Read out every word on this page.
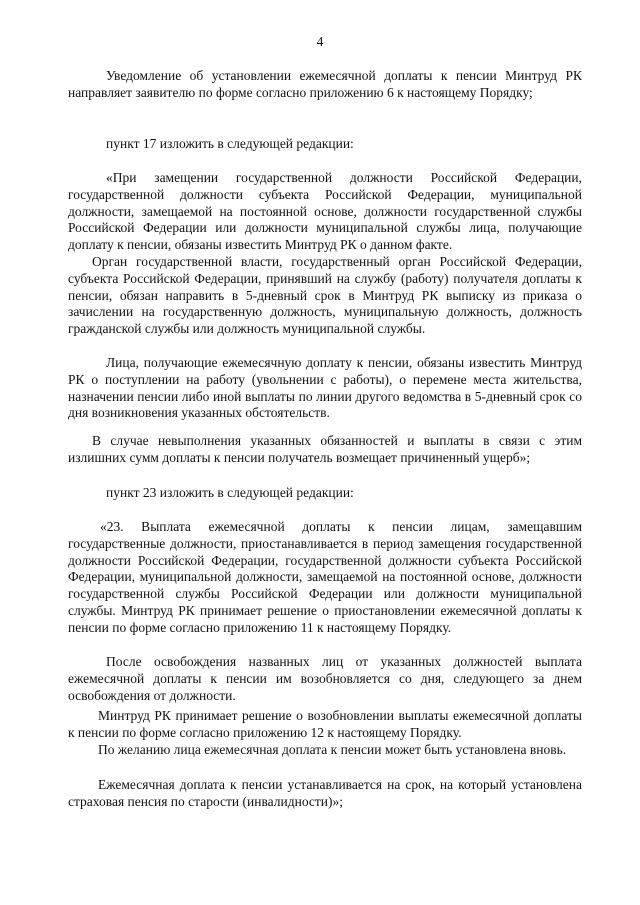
4

Уведомление об установлении ежемесячной доплаты к пенсии Минтруд РК направляет заявителю по форме согласно приложению 6 к настоящему Порядку;

пункт 17 изложить в следующей редакции:

«При замещении государственной должности Российской Федерации, государственной должности субъекта Российской Федерации, муниципальной должности, замещаемой на постоянной основе, должности государственной службы Российской Федерации или должности муниципальной службы лица, получающие доплату к пенсии, обязаны известить Минтруд РК о данном факте.

Орган государственной власти, государственный орган Российской Федерации, субъекта Российской Федерации, принявший на службу (работу) получателя доплаты к пенсии, обязан направить в 5-дневный срок в Минтруд РК выписку из приказа о зачислении на государственную должность, муниципальную должность, должность гражданской службы или должность муниципальной службы.

Лица, получающие ежемесячную доплату к пенсии, обязаны известить Минтруд РК о поступлении на работу (увольнении с работы), о перемене места жительства, назначении пенсии либо иной выплаты по линии другого ведомства в 5-дневный срок со дня возникновения указанных обстоятельств.

В случае невыполнения указанных обязанностей и выплаты в связи с этим излишних сумм доплаты к пенсии получатель возмещает причиненный ущерб»;

пункт 23 изложить в следующей редакции:

«23. Выплата ежемесячной доплаты к пенсии лицам, замещавшим государственные должности, приостанавливается в период замещения государственной должности Российской Федерации, государственной должности субъекта Российской Федерации, муниципальной должности, замещаемой на постоянной основе, должности государственной службы Российской Федерации или должности муниципальной службы. Минтруд РК принимает решение о приостановлении ежемесячной доплаты к пенсии по форме согласно приложению 11 к настоящему Порядку.

После освобождения названных лиц от указанных должностей выплата ежемесячной доплаты к пенсии им возобновляется со дня, следующего за днем освобождения от должности.

Минтруд РК принимает решение о возобновлении выплаты ежемесячной доплаты к пенсии по форме согласно приложению 12 к настоящему Порядку.

По желанию лица ежемесячная доплата к пенсии может быть установлена вновь.

Ежемесячная доплата к пенсии устанавливается на срок, на который установлена страховая пенсия по старости (инвалидности)»;
